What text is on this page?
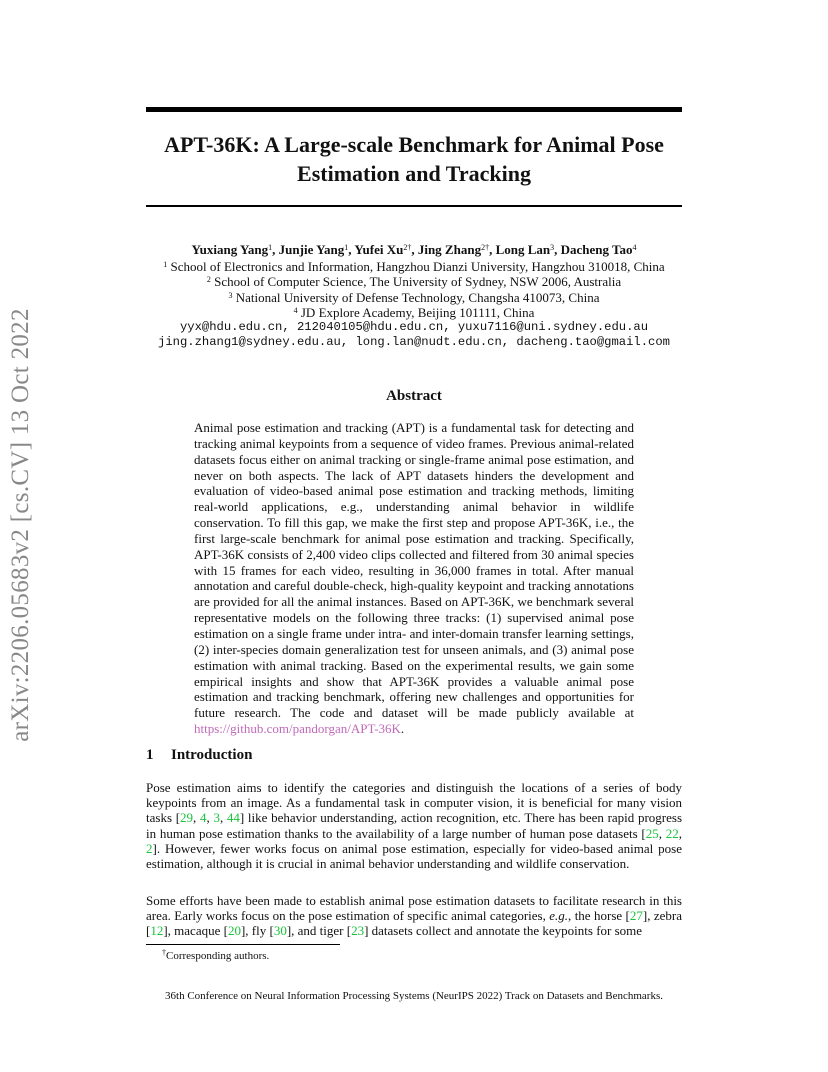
arXiv:2206.05683v2 [cs.CV] 13 Oct 2022
APT-36K: A Large-scale Benchmark for Animal Pose
Estimation and Tracking
Yuxiang Yang$^1$, Junjie Yang$^1$, Yufei $Xu^{2\dagger}$, Jing Zhang$^{2\dagger}$, Long Lan$^3$, Dacheng Tao$^4$
$^1$ School of Electronics and Information, Hangzhou Dianzi University, Hangzhou 310018, China
$^2$ School of Computer Science, The University of Sydney, NSW 2006, Australia
$^3$ National University of Defense Technology, Changsha 410073, China
$^4$ JD Explore Academy, Beijing 101111, China
yyx@hdu.edu.cn, 212040105@hdu.edu.cn, yuxu7116@uni.sydney.edu.au
jing.zhang1@sydney.edu.au, long.lan@nudt.edu.cn, dacheng.tao@gmail.com
Abstract
Animal pose estimation and tracking (APT) is a fundamental task for detecting and tracking animal keypoints from a sequence of video frames. Previous animal-related datasets focus either on animal tracking or single-frame animal pose estimation, and never on both aspects. The lack of APT datasets hinders the development and evaluation of video-based animal pose estimation and tracking methods, limiting real-world applications, e.g., understanding animal behavior in wildlife conservation. To fill this gap, we make the first step and propose APT-36K, i.e., the first large-scale benchmark for animal pose estimation and tracking. Specifically, APT-36K consists of 2,400 video clips collected and filtered from 30 animal species with 15 frames for each video, resulting in 36,000 frames in total. After manual annotation and careful double-check, high-quality keypoint and tracking annotations are provided for all the animal instances. Based on APT-36K, we benchmark several representative models on the following three tracks: (1) supervised animal pose estimation on a single frame under intra- and inter-domain transfer learning settings, (2) inter-species domain generalization test for unseen animals, and (3) animal pose estimation with animal tracking. Based on the experimental results, we gain some empirical insights and show that APT-36K provides a valuable animal pose estimation and tracking benchmark, offering new challenges and opportunities for future research. The code and dataset will be made publicly available at https://github.com/pandorgan/APT-36K.
1 Introduction
Pose estimation aims to identify the categories and distinguish the locations of a series of body keypoints from an image. As a fundamental task in computer vision, it is beneficial for many vision tasks [29, 4, 3, 44] like behavior understanding, action recognition, etc. There has been rapid progress in human pose estimation thanks to the availability of a large number of human pose datasets [25, 22, 2]. However, fewer works focus on animal pose estimation, especially for video-based animal pose estimation, although it is crucial in animal behavior understanding and wildlife conservation.
Some efforts have been made to establish animal pose estimation datasets to facilitate research in this area. Early works focus on the pose estimation of specific animal categories, e.g., the horse [27], zebra [12], macaque [20], fly [30], and tiger [23] datasets collect and annotate the keypoints for some
†Corresponding authors.
36th Conference on Neural Information Processing Systems (NeurIPS 2022) Track on Datasets and Benchmarks.
